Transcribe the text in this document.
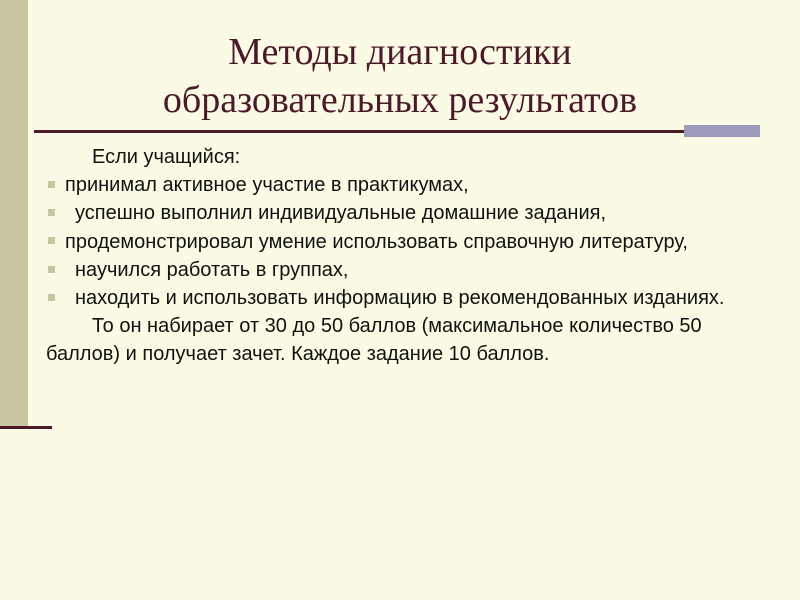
Методы диагностики
образовательных результатов

Если учащийся:

принимал активное участие в практикумах,

успешно выполнил индивидуальные домашние задания,

продемонстрировал умение использовать справочную литературу,

научился работать в группах,

находить и использовать информацию в рекомендованных изданиях.

То он набирает от 30 до 50 баллов (максимальное количество 50 баллов) и получает зачет. Каждое задание 10 баллов.
